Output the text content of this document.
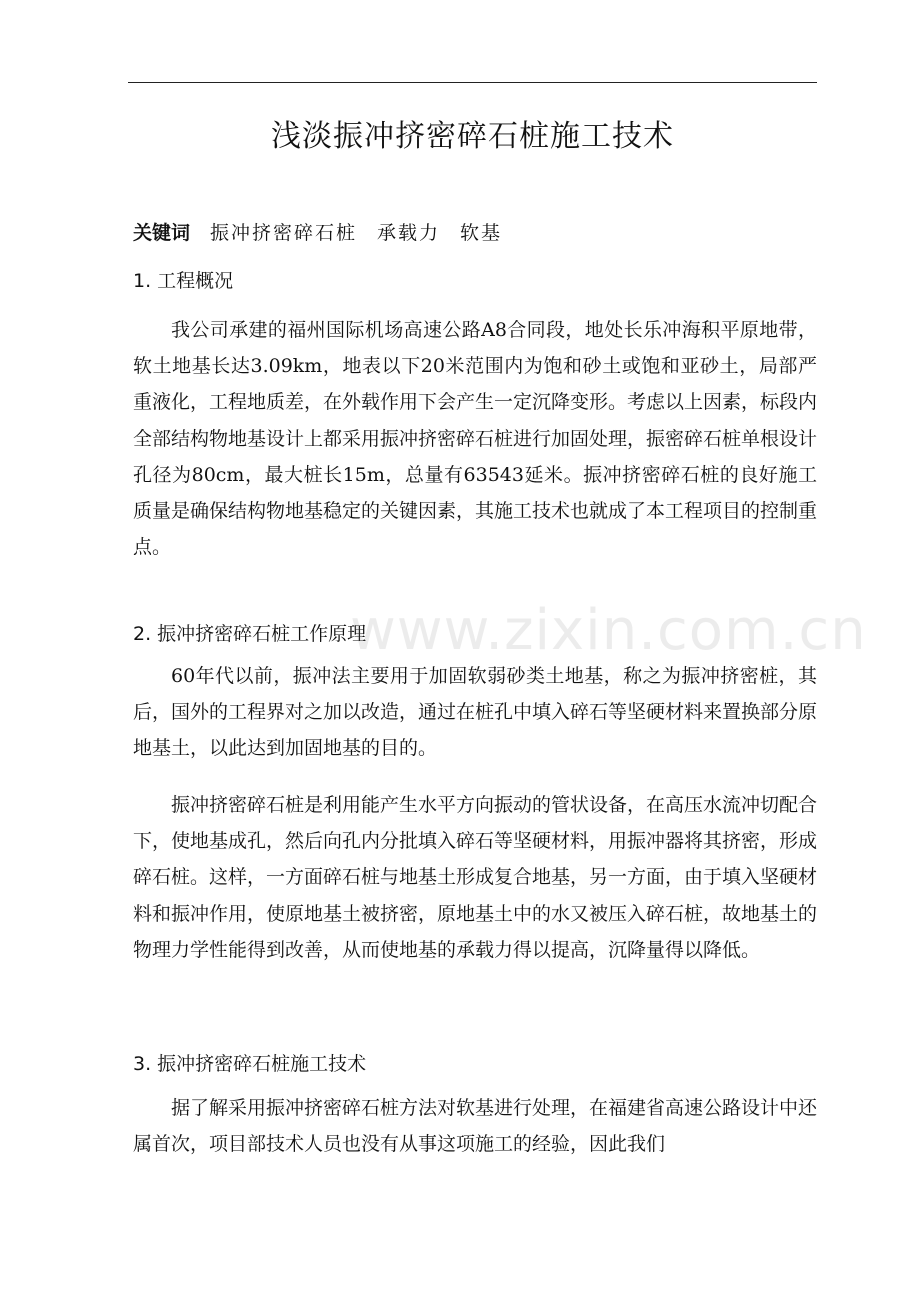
浅淡振冲挤密碎石桩施工技术
关键词 振冲挤密碎石桩 承载力 软基
1. 工程概况

我公司承建的福州国际机场高速公路A8合同段，地处长乐冲海积平原地带，软土地基长达3.09km，地表以下20米范围内为饱和砂土或饱和亚砂土，局部严重液化，工程地质差，在外载作用下会产生一定沉降变形。考虑以上因素，标段内全部结构物地基设计上都采用振冲挤密碎石桩进行加固处理，振密碎石桩单根设计孔径为80cm，最大桩长15m，总量有63543延米。振冲挤密碎石桩的良好施工质量是确保结构物地基稳定的关键因素，其施工技术也就成了本工程项目的控制重点。

2. 振冲挤密碎石桩工作原理

60年代以前，振冲法主要用于加固软弱砂类土地基，称之为振冲挤密桩，其后，国外的工程界对之加以改造，通过在桩孔中填入碎石等坚硬材料来置换部分原地基土，以此达到加固地基的目的。

振冲挤密碎石桩是利用能产生水平方向振动的管状设备，在高压水流冲切配合下，使地基成孔，然后向孔内分批填入碎石等坚硬材料，用振冲器将其挤密，形成碎石桩。这样，一方面碎石桩与地基土形成复合地基，另一方面，由于填入坚硬材料和振冲作用，使原地基土被挤密，原地基土中的水又被压入碎石桩，故地基土的物理力学性能得到改善，从而使地基的承载力得以提高，沉降量得以降低。

3. 振冲挤密碎石桩施工技术

据了解采用振冲挤密碎石桩方法对软基进行处理，在福建省高速公路设计中还属首次，项目部技术人员也没有从事这项施工的经验，因此我们

www.zixin.com.cn
